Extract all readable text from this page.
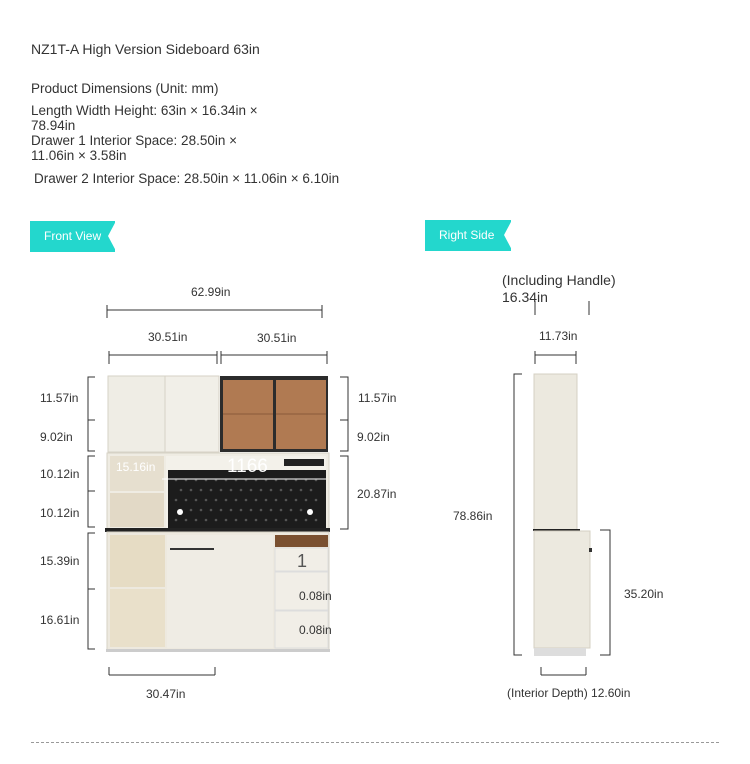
NZ1T-A High Version Sideboard 63in
Product Dimensions (Unit: mm)
Length Width Height: 63in × 16.34in ×
78.94in
Drawer 1 Interior Space: 28.50in ×
11.06in × 3.58in
Drawer 2 Interior Space: 28.50in × 11.06in × 6.10in
Front View	Right Side View
62.99in
30.51in	30.51in
11.57in
9.02in
10.12in
10.12in
15.39in
16.61in
11.57in
9.02in
20.87in
15.16in	1166
1
0.08in
0.08in
30.47in
(Including Handle)
16.34in
11.73in
78.86in
35.20in
(Interior Depth) 12.60in
